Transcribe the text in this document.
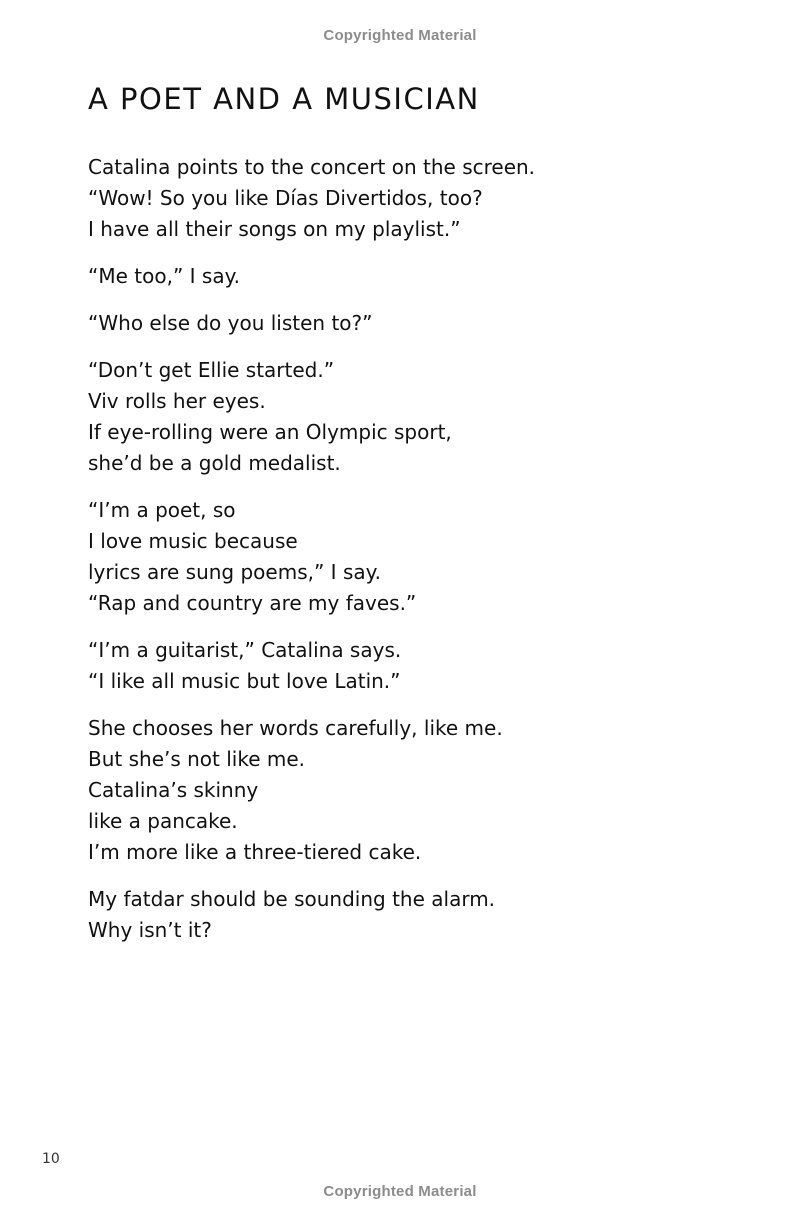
Copyrighted Material
A POET AND A MUSICIAN
Catalina points to the concert on the screen.
“Wow! So you like Días Divertidos, too?
I have all their songs on my playlist.”
“Me too,” I say.
“Who else do you listen to?”
“Don’t get Ellie started.”
Viv rolls her eyes.
If eye-rolling were an Olympic sport,
she’d be a gold medalist.
“I’m a poet, so
I love music because
lyrics are sung poems,” I say.
“Rap and country are my faves.”
“I’m a guitarist,” Catalina says.
“I like all music but love Latin.”
She chooses her words carefully, like me.
But she’s not like me.
Catalina’s skinny
like a pancake.
I’m more like a three-tiered cake.
My fatdar should be sounding the alarm.
Why isn’t it?
10
Copyrighted Material
